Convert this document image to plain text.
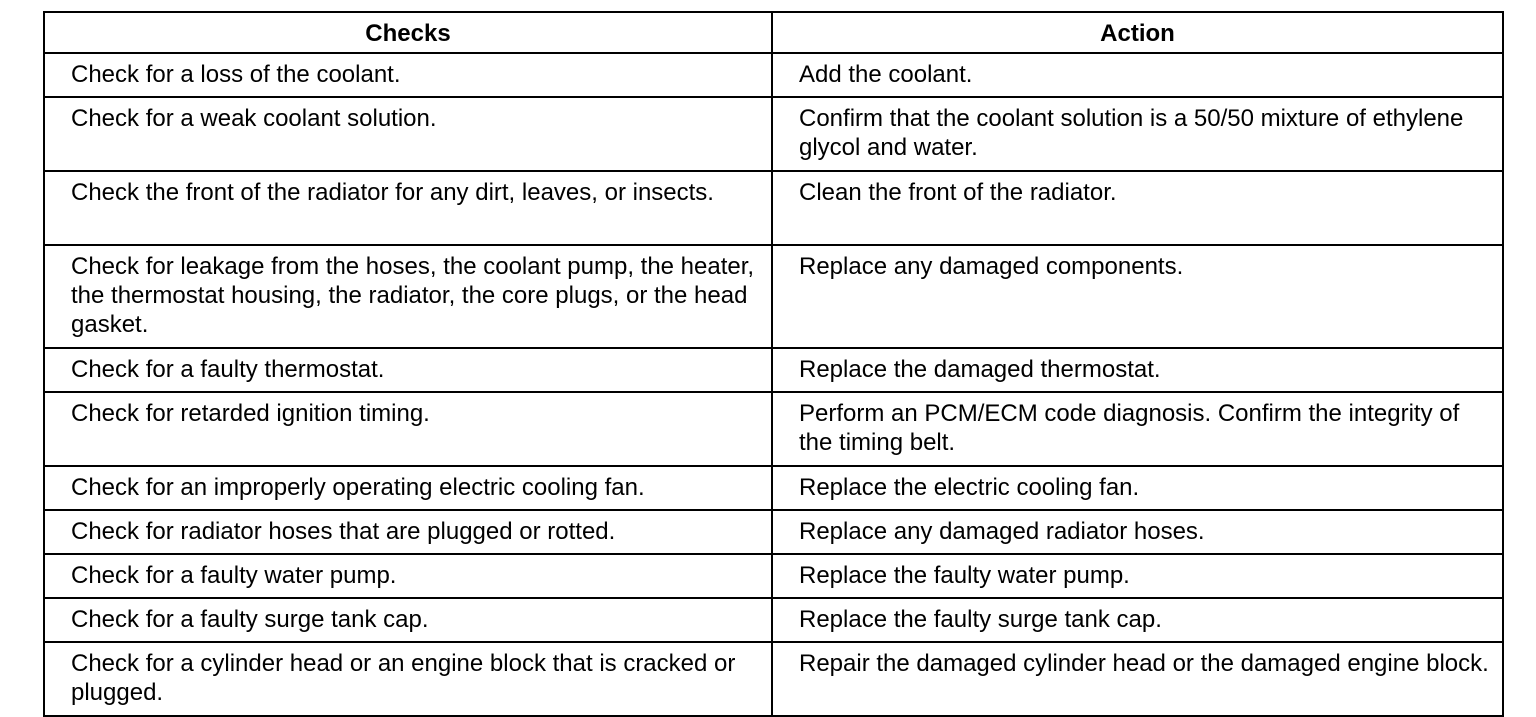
Checks	Action
Check for a loss of the coolant.	Add the coolant.
Check for a weak coolant solution.	Confirm that the coolant solution is a 50/50 mixture of ethylene glycol and water.
Check the front of the radiator for any dirt, leaves, or insects.	Clean the front of the radiator.
Check for leakage from the hoses, the coolant pump, the heater, the thermostat housing, the radiator, the core plugs, or the head gasket.	Replace any damaged components.
Check for a faulty thermostat.	Replace the damaged thermostat.
Check for retarded ignition timing.	Perform an PCM/ECM code diagnosis. Confirm the integrity of the timing belt.
Check for an improperly operating electric cooling fan.	Replace the electric cooling fan.
Check for radiator hoses that are plugged or rotted.	Replace any damaged radiator hoses.
Check for a faulty water pump.	Replace the faulty water pump.
Check for a faulty surge tank cap.	Replace the faulty surge tank cap.
Check for a cylinder head or an engine block that is cracked or plugged.	Repair the damaged cylinder head or the damaged engine block.
